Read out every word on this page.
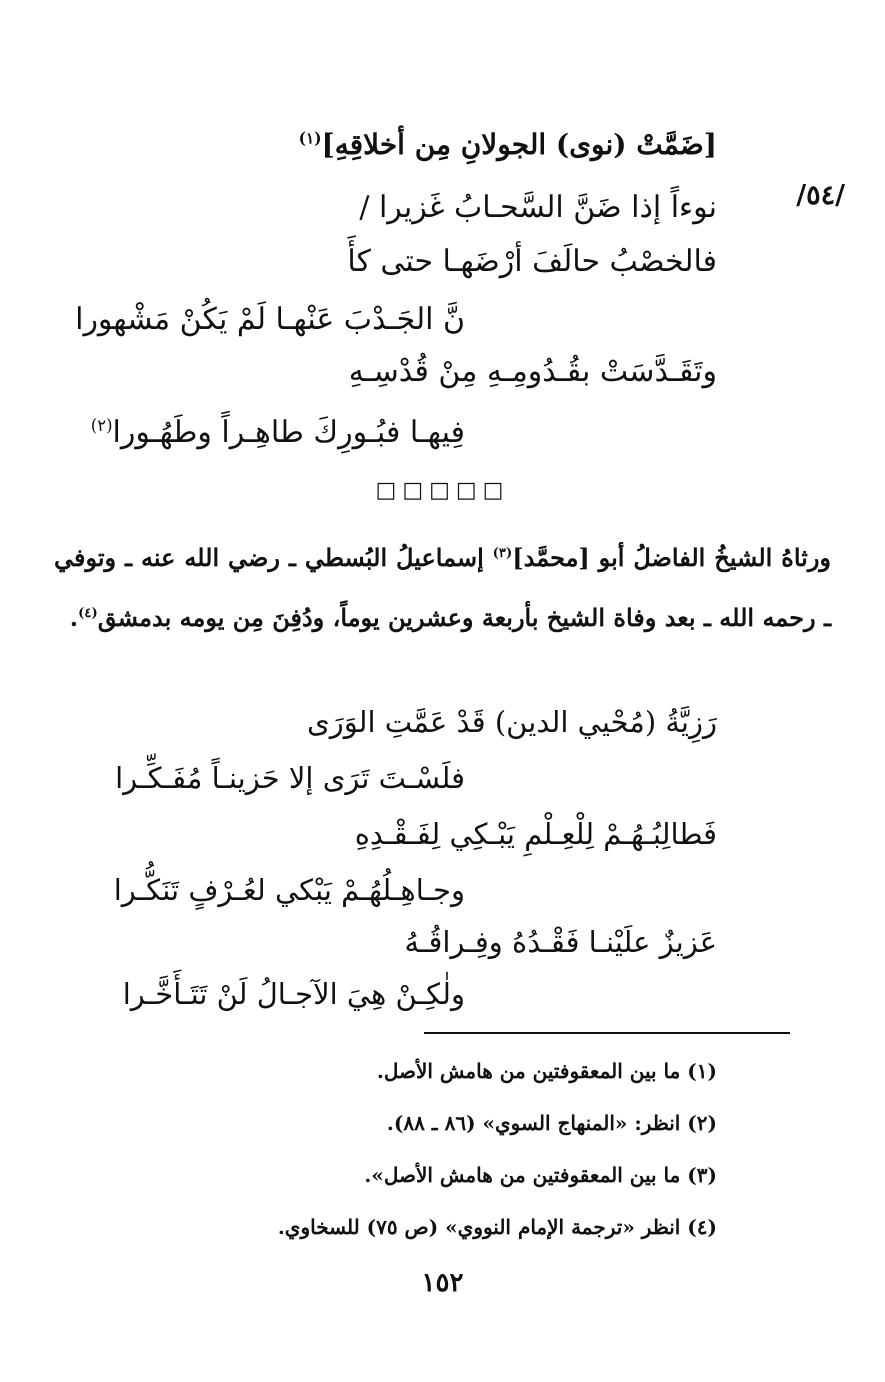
/٥٤/
[ضَمَّتْ (نوى) الجولانِ مِن أخلاقِهِ]$^{(١)}$
نوءاً إذا ضَنَّ السَّحـابُ غَزيرا /
فالخصْبُ حالَفَ أرْضَهـا حتى كأَ
نَّ الجَـدْبَ عَنْهـا لَمْ يَكُنْ مَشْهورا
وتَقَـدَّسَتْ بقُـدُومِـهِ مِنْ قُدْسِـهِ
فِيهـا فبُـورِكَ طاهِـراً وطَهُـورا$^{(٢)}$
□□□□□
ورثاهُ الشيخُ الفاضلُ أبو [محمَّد]$^{(٣)}$ إسماعيلُ البُسطي ـ رضي الله عنه ـ وتوفي ـ رحمه الله ـ بعد وفاة الشيخ بأربعة وعشرين يوماً، ودُفِنَ مِن يومه بدمشق$^{(٤)}$.
رَزِيَّةُ (مُحْيي الدين) قَدْ عَمَّتِ الوَرَى
فلَسْـتَ تَرَى إلا حَزينـاً مُفَـكِّـرا
فَطالِبُـهُـمْ لِلْعِـلْمِ يَبْـكِي لِفَـقْـدِهِ
وجـاهِـلُهُـمْ يَبْكي لعُـرْفٍ تَنَكُّـرا
عَزيزٌ علَيْنـا فَقْـدُهُ وفِـراقُـهُ
ولٰكِـنْ هِيَ الآجـالُ لَنْ تَتَـأَخَّـرا
(١) ما بين المعقوفتين من هامش الأصل.
(٢) انظر: «المنهاج السوي» (٨٦ ـ ٨٨).
(٣) ما بين المعقوفتين من هامش الأصل».
(٤) انظر «ترجمة الإمام النووي» (ص ٧٥) للسخاوي.
١٥٢
